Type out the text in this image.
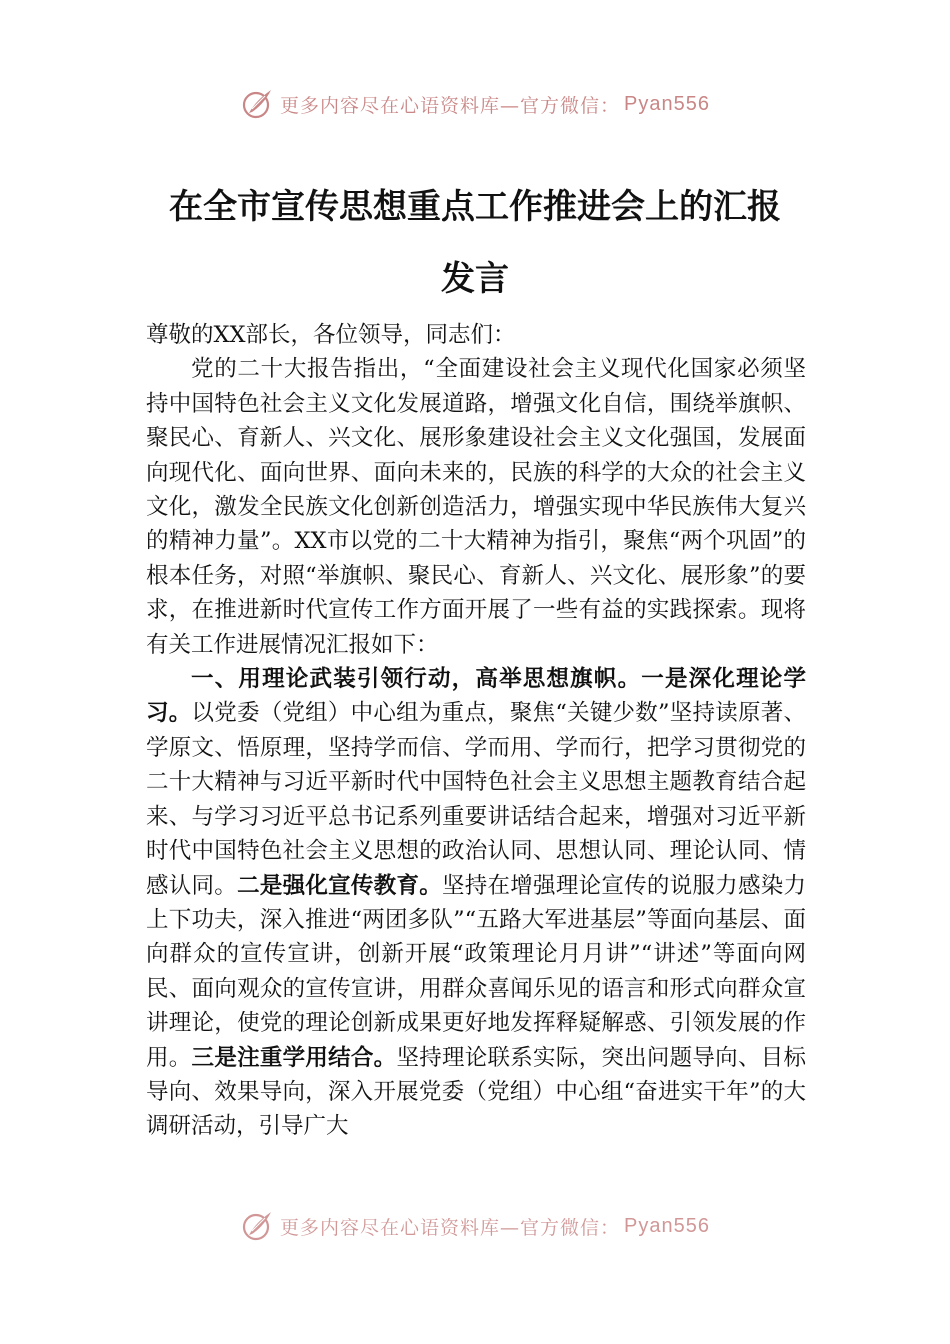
更多内容尽在心语资料库—官方微信： Pyan556
在全市宣传思想重点工作推进会上的汇报
发言

尊敬的XX部长，各位领导，同志们：

党的二十大报告指出，“全面建设社会主义现代化国家必须坚持中国特色社会主义文化发展道路，增强文化自信，围绕举旗帜、聚民心、育新人、兴文化、展形象建设社会主义文化强国，发展面向现代化、面向世界、面向未来的，民族的科学的大众的社会主义文化，激发全民族文化创新创造活力，增强实现中华民族伟大复兴的精神力量”。XX市以党的二十大精神为指引，聚焦“两个巩固”的根本任务，对照“举旗帜、聚民心、育新人、兴文化、展形象”的要求，在推进新时代宣传工作方面开展了一些有益的实践探索。现将有关工作进展情况汇报如下：

一、用理论武装引领行动，高举思想旗帜。一是深化理论学习。以党委（党组）中心组为重点，聚焦“关键少数”坚持读原著、学原文、悟原理，坚持学而信、学而用、学而行，把学习贯彻党的二十大精神与习近平新时代中国特色社会主义思想主题教育结合起来、与学习习近平总书记系列重要讲话结合起来，增强对习近平新时代中国特色社会主义思想的政治认同、思想认同、理论认同、情感认同。二是强化宣传教育。坚持在增强理论宣传的说服力感染力上下功夫，深入推进“两团多队”“五路大军进基层”等面向基层、面向群众的宣传宣讲，创新开展“政策理论月月讲”“讲述”等面向网民、面向观众的宣传宣讲，用群众喜闻乐见的语言和形式向群众宣讲理论，使党的理论创新成果更好地发挥释疑解惑、引领发展的作用。三是注重学用结合。坚持理论联系实际，突出问题导向、目标导向、效果导向，深入开展党委（党组）中心组“奋进实干年”的大调研活动，引导广大

更多内容尽在心语资料库—官方微信： Pyan556
